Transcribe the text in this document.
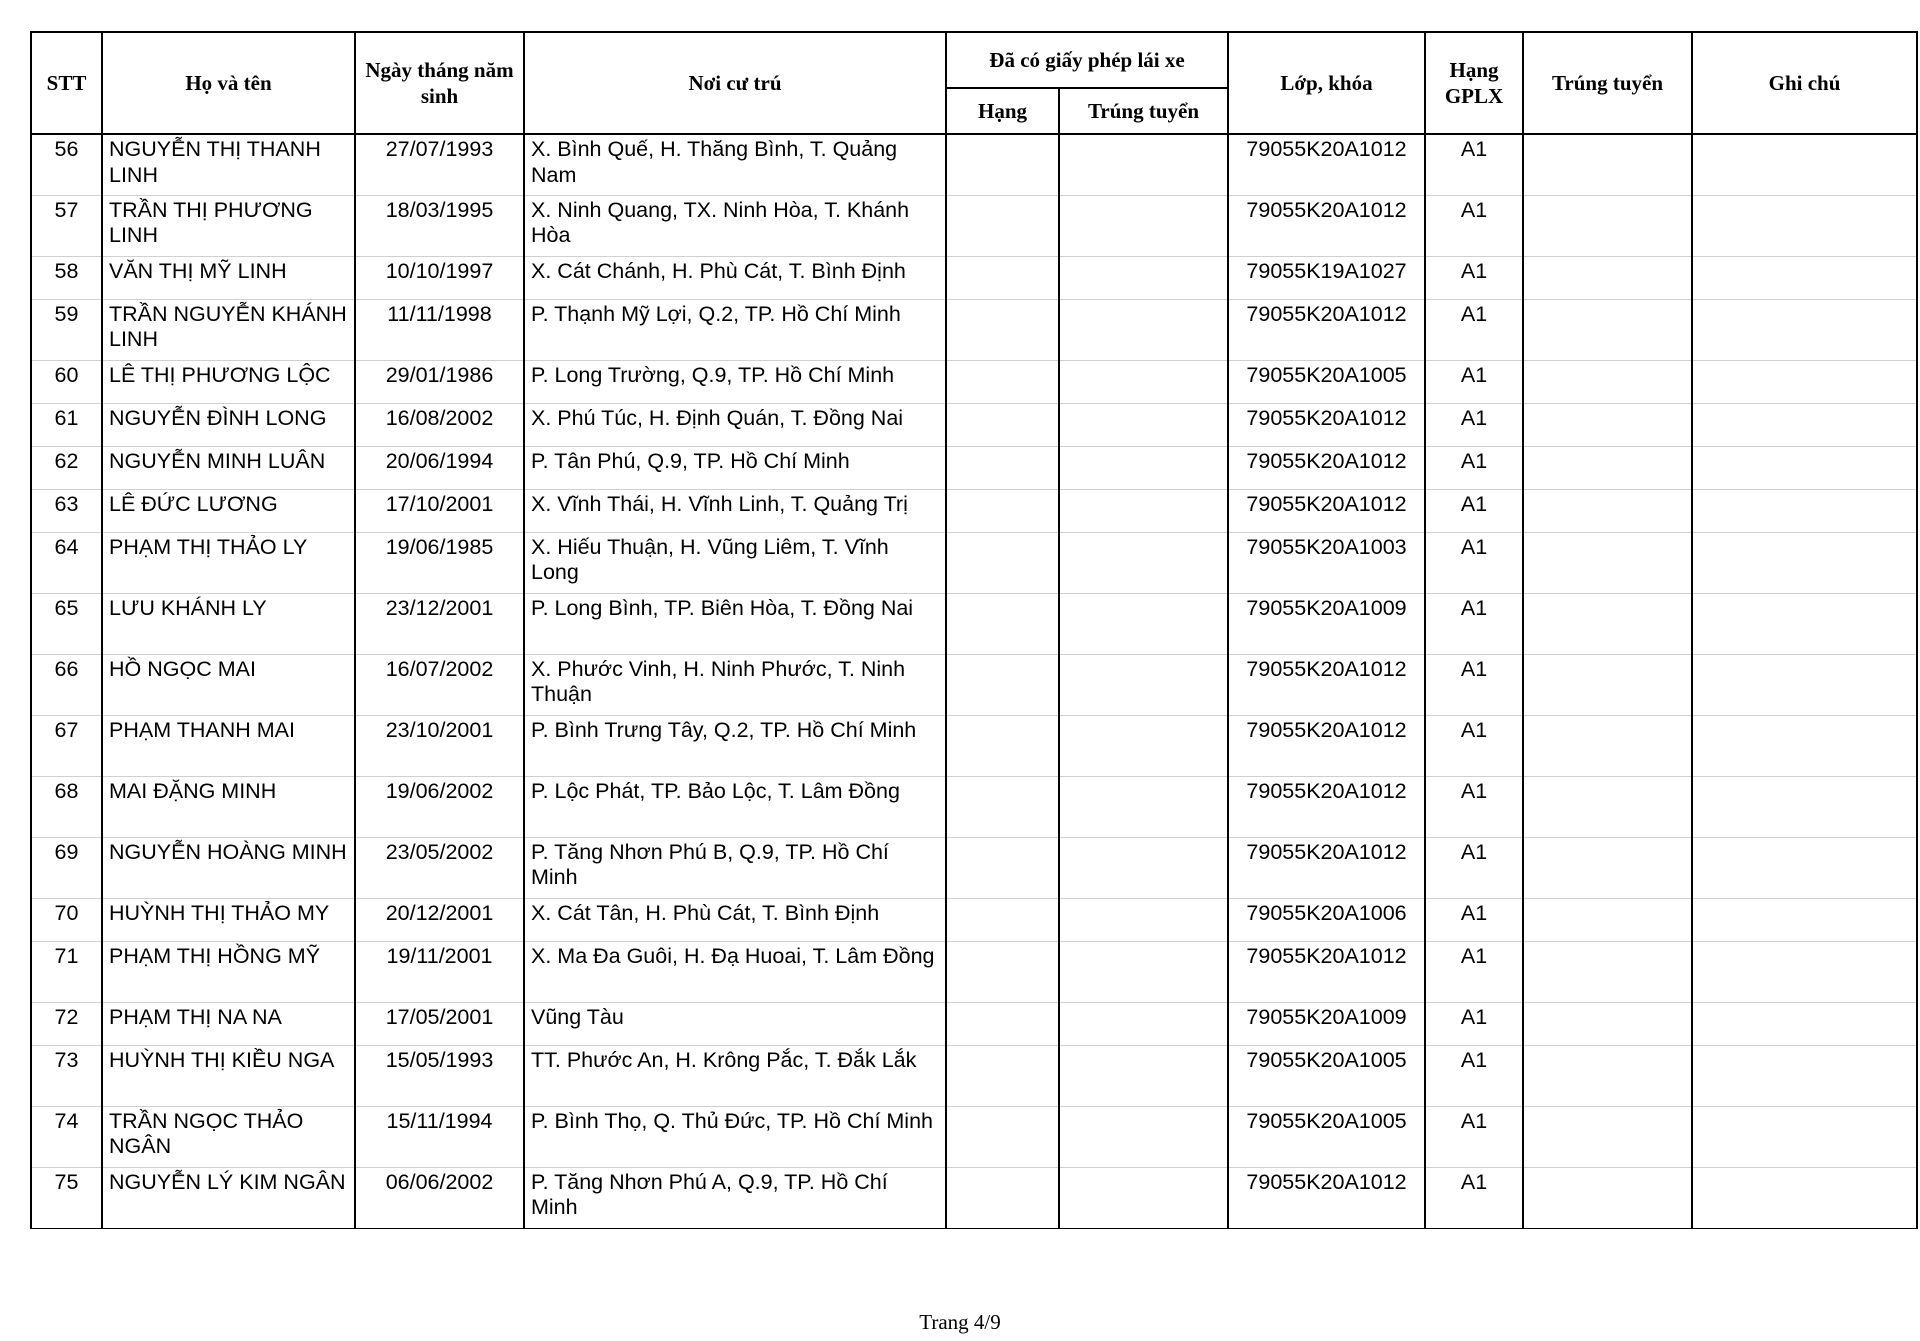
STT	Họ và tên	Ngày tháng năm sinh	Nơi cư trú	Đã có giấy phép lái xe		Lớp, khóa	Hạng GPLX	Trúng tuyển	Ghi chú
				Hạng	Trúng tuyển				
56	NGUYỄN THỊ THANH LINH	27/07/1993	X. Bình Quế, H. Thăng Bình, T. Quảng Nam			79055K20A1012	A1		
57	TRẦN THỊ PHƯƠNG LINH	18/03/1995	X. Ninh Quang, TX. Ninh Hòa, T. Khánh Hòa			79055K20A1012	A1		
58	VĂN THỊ MỸ LINH	10/10/1997	X. Cát Chánh, H. Phù Cát, T. Bình Định			79055K19A1027	A1		
59	TRẦN NGUYỄN KHÁNH LINH	11/11/1998	P. Thạnh Mỹ Lợi, Q.2, TP. Hồ Chí Minh			79055K20A1012	A1		
60	LÊ THỊ PHƯƠNG LỘC	29/01/1986	P. Long Trường, Q.9, TP. Hồ Chí Minh			79055K20A1005	A1		
61	NGUYỄN ĐÌNH LONG	16/08/2002	X. Phú Túc, H. Định Quán, T. Đồng Nai			79055K20A1012	A1		
62	NGUYỄN MINH LUÂN	20/06/1994	P. Tân Phú, Q.9, TP. Hồ Chí Minh			79055K20A1012	A1		
63	LÊ ĐỨC LƯƠNG	17/10/2001	X. Vĩnh Thái, H. Vĩnh Linh, T. Quảng Trị			79055K20A1012	A1		
64	PHẠM THỊ THẢO LY	19/06/1985	X. Hiếu Thuận, H. Vũng Liêm, T. Vĩnh Long			79055K20A1003	A1		
65	LƯU KHÁNH LY	23/12/2001	P. Long Bình, TP. Biên Hòa, T. Đồng Nai			79055K20A1009	A1		
66	HỒ NGỌC MAI	16/07/2002	X. Phước Vinh, H. Ninh Phước, T. Ninh Thuận			79055K20A1012	A1		
67	PHẠM THANH MAI	23/10/2001	P. Bình Trưng Tây, Q.2, TP. Hồ Chí Minh			79055K20A1012	A1		
68	MAI ĐẶNG MINH	19/06/2002	P. Lộc Phát, TP. Bảo Lộc, T. Lâm Đồng			79055K20A1012	A1		
69	NGUYỄN HOÀNG MINH	23/05/2002	P. Tăng Nhơn Phú B, Q.9, TP. Hồ Chí Minh			79055K20A1012	A1		
70	HUỲNH THỊ THẢO MY	20/12/2001	X. Cát Tân, H. Phù Cát, T. Bình Định			79055K20A1006	A1		
71	PHẠM THỊ HỒNG MỸ	19/11/2001	X. Ma Đa Guôi, H. Đạ Huoai, T. Lâm Đồng			79055K20A1012	A1		
72	PHẠM THỊ NA NA	17/05/2001	Vũng Tàu			79055K20A1009	A1		
73	HUỲNH THỊ KIỀU NGA	15/05/1993	TT. Phước An, H. Krông Pắc, T. Đắk Lắk			79055K20A1005	A1		
74	TRẦN NGỌC THẢO NGÂN	15/11/1994	P. Bình Thọ, Q. Thủ Đức, TP. Hồ Chí Minh			79055K20A1005	A1		
75	NGUYỄN LÝ KIM NGÂN	06/06/2002	P. Tăng Nhơn Phú A, Q.9, TP. Hồ Chí Minh			79055K20A1012	A1		
Trang 4/9
